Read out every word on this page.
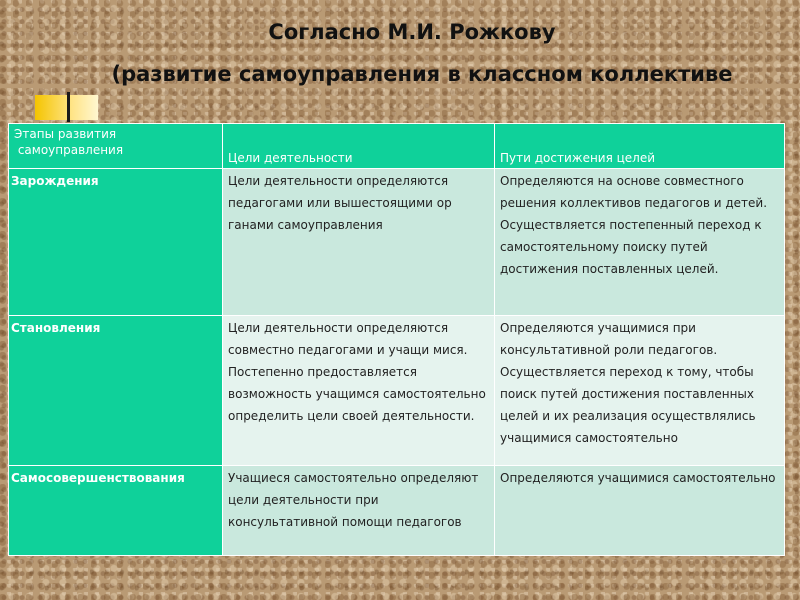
Согласно М.И. Рожкову
(развитие самоуправления в классном коллективе
Этапы развития
самоуправления	Цели деятельности	Пути достижения целей

Зарождения	Цели деятельности определяются педагогами или вышестоящими ор ганами самоуправления	Определяются на основе совместного решения коллективов педагогов и детей. Осуществляется постепенный переход к самостоятельному поиску путей достижения поставленных целей.
Становления	Цели деятельности определяются совместно педагогами и учащи мися. Постепенно предоставляется возможность учащимся самостоятельно определить цели своей деятельности.	Определяются учащимися при консультативной роли педагогов. Осуществляется переход к тому, чтобы поиск путей достижения поставленных целей и их реализация осуществлялись учащимися самостоятельно
Самосовершенствования	Учащиеся самостоятельно определяют цели деятельности при консультативной помощи педагогов	Определяются учащимися самостоятельно
